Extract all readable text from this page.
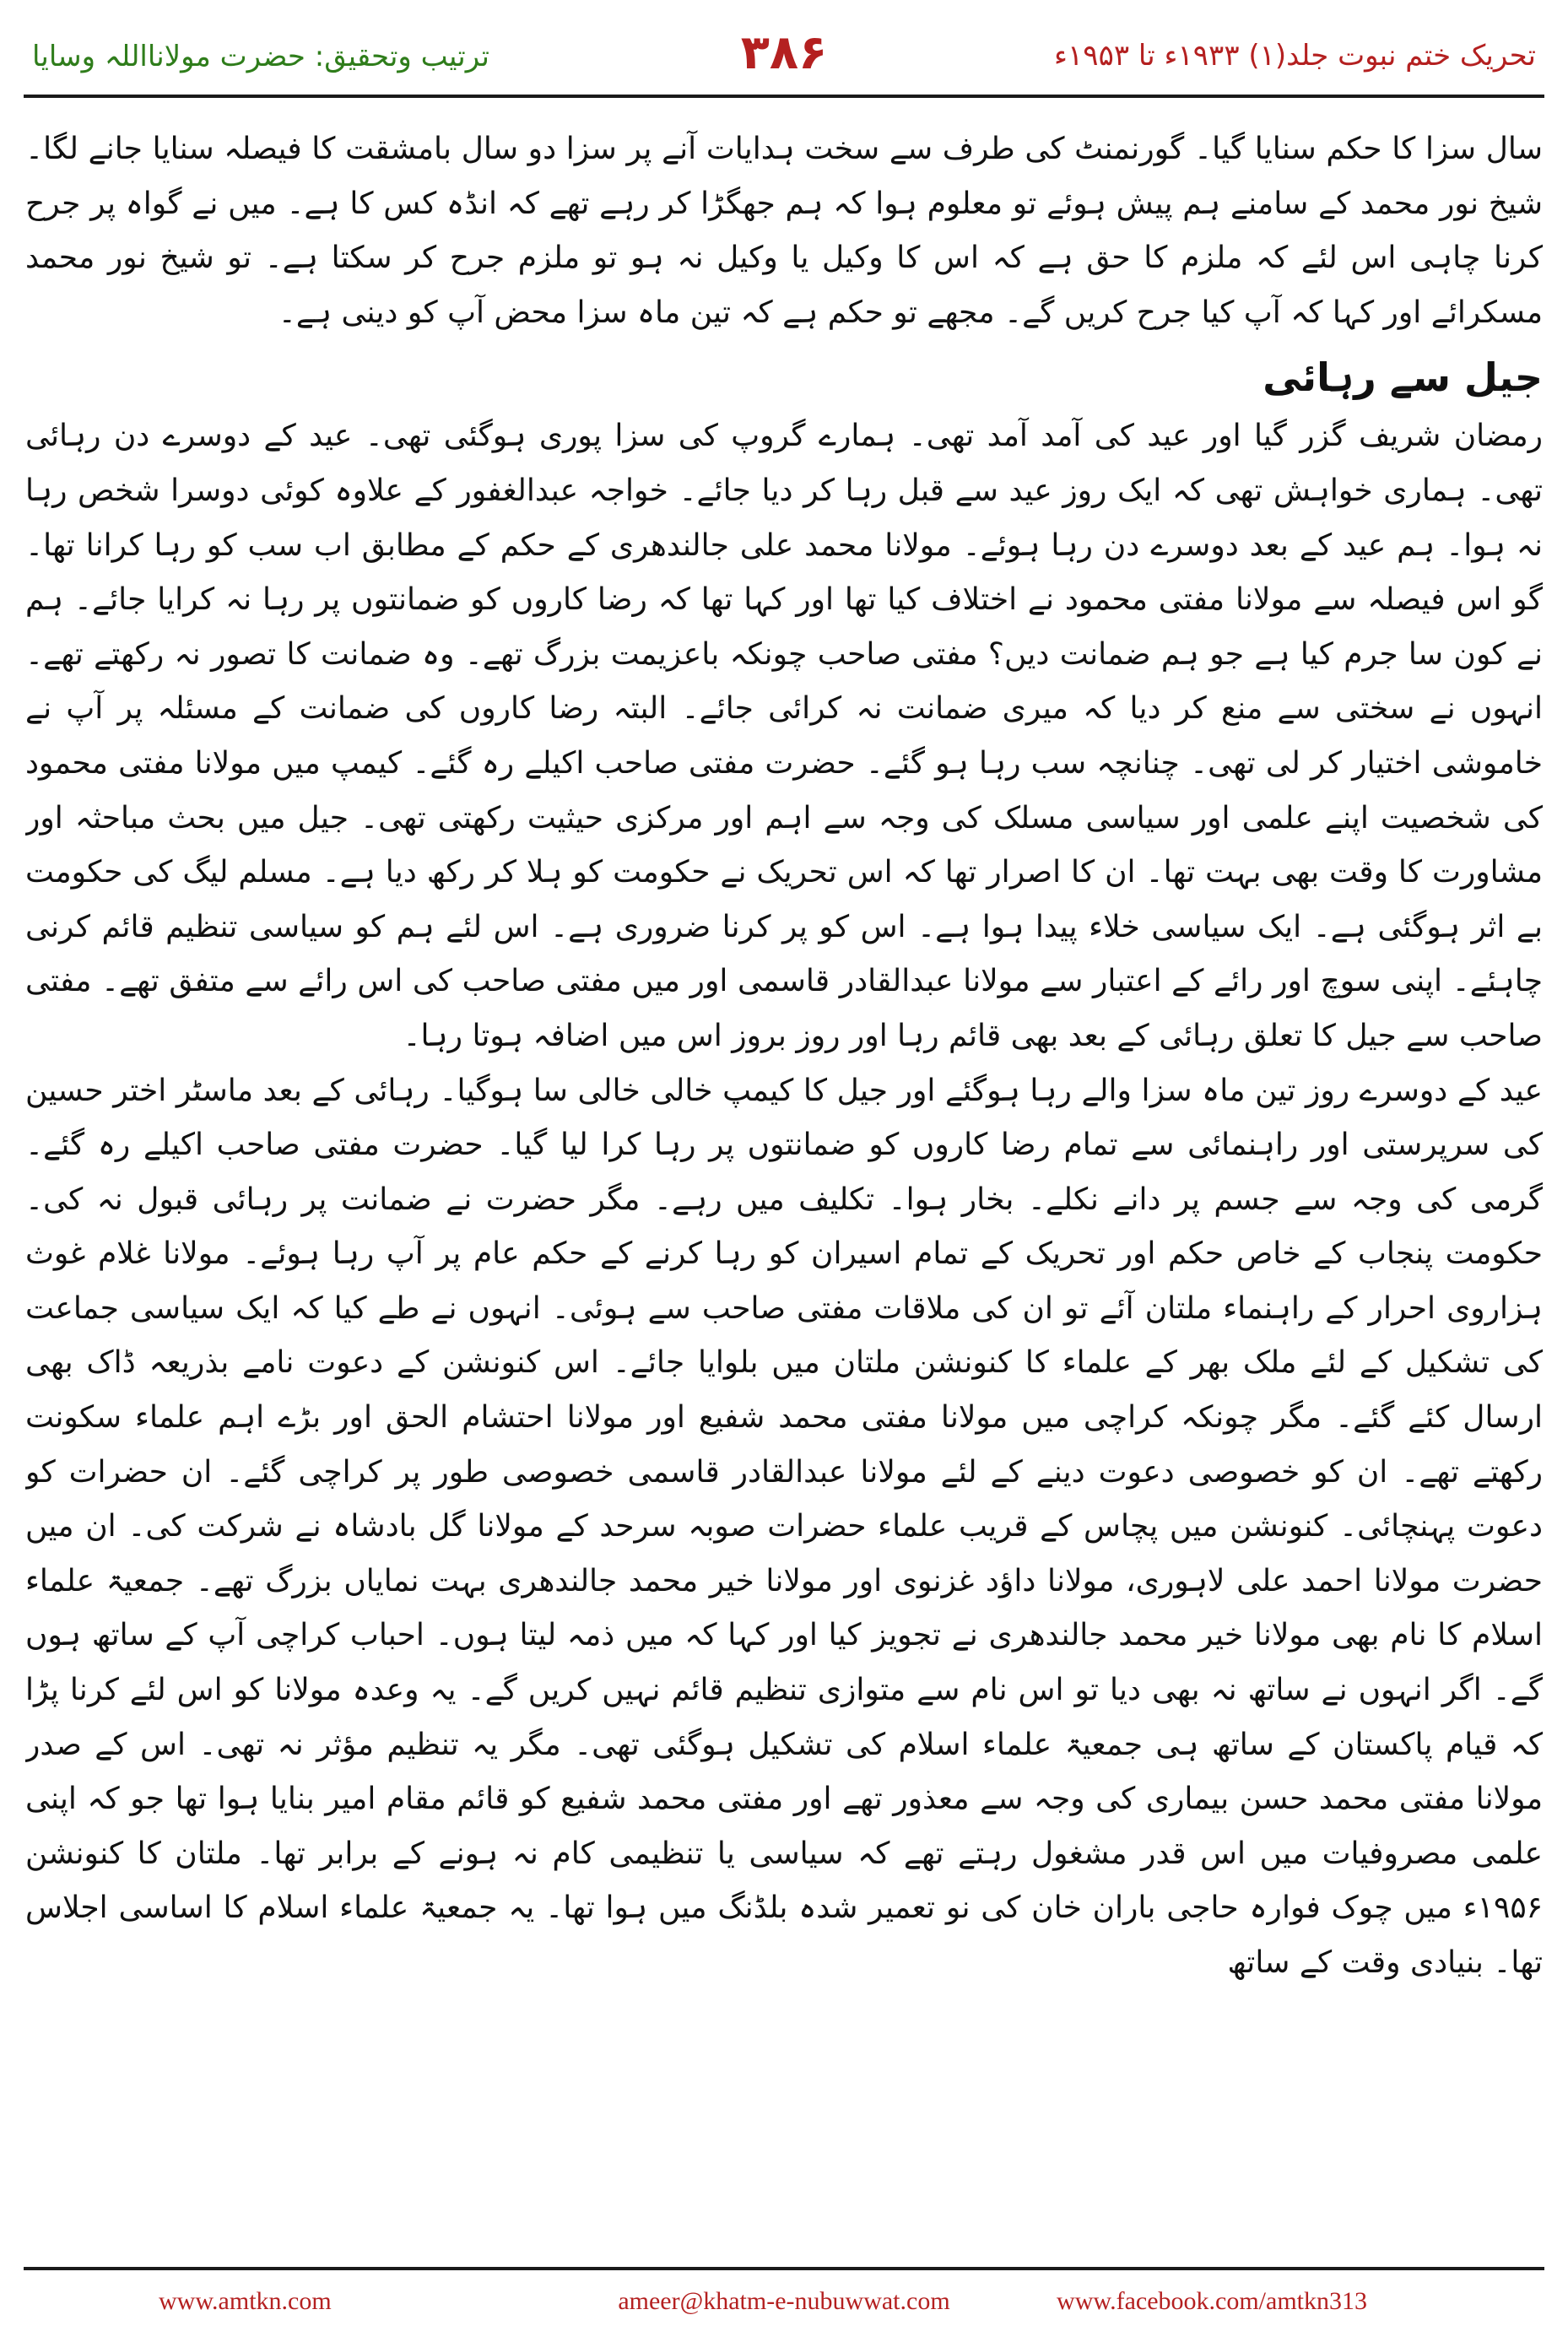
ترتیب وتحقیق: حضرت مولانااللہ وسایا	۳۸۶	تحریک ختم نبوت جلد(۱) ۱۹۳۳ء تا ۱۹۵۳ء

سال سزا کا حکم سنایا گیا۔ گورنمنٹ کی طرف سے سخت ہدایات آنے پر سزا دو سال بامشقت کا فیصلہ سنایا جانے لگا۔ شیخ نور محمد کے سامنے ہم پیش ہوئے تو معلوم ہوا کہ ہم جھگڑا کر رہے تھے کہ انڈہ کس کا ہے۔ میں نے گواہ پر جرح کرنا چاہی اس لئے کہ ملزم کا حق ہے کہ اس کا وکیل یا وکیل نہ ہو تو ملزم جرح کر سکتا ہے۔ تو شیخ نور محمد مسکرائے اور کہا کہ آپ کیا جرح کریں گے۔ مجھے تو حکم ہے کہ تین ماہ سزا محض آپ کو دینی ہے۔

جیل سے رہائی

رمضان شریف گزر گیا اور عید کی آمد آمد تھی۔ ہمارے گروپ کی سزا پوری ہوگئی تھی۔ عید کے دوسرے دن رہائی تھی۔ ہماری خواہش تھی کہ ایک روز عید سے قبل رہا کر دیا جائے۔ خواجہ عبدالغفور کے علاوہ کوئی دوسرا شخص رہا نہ ہوا۔ ہم عید کے بعد دوسرے دن رہا ہوئے۔ مولانا محمد علی جالندھری کے حکم کے مطابق اب سب کو رہا کرانا تھا۔ گو اس فیصلہ سے مولانا مفتی محمود نے اختلاف کیا تھا اور کہا تھا کہ رضا کاروں کو ضمانتوں پر رہا نہ کرایا جائے۔ ہم نے کون سا جرم کیا ہے جو ہم ضمانت دیں؟ مفتی صاحب چونکہ باعزیمت بزرگ تھے۔ وہ ضمانت کا تصور نہ رکھتے تھے۔ انہوں نے سختی سے منع کر دیا کہ میری ضمانت نہ کرائی جائے۔ البتہ رضا کاروں کی ضمانت کے مسئلہ پر آپ نے خاموشی اختیار کر لی تھی۔ چنانچہ سب رہا ہو گئے۔ حضرت مفتی صاحب اکیلے رہ گئے۔ کیمپ میں مولانا مفتی محمود کی شخصیت اپنے علمی اور سیاسی مسلک کی وجہ سے اہم اور مرکزی حیثیت رکھتی تھی۔ جیل میں بحث مباحثہ اور مشاورت کا وقت بھی بہت تھا۔ ان کا اصرار تھا کہ اس تحریک نے حکومت کو ہلا کر رکھ دیا ہے۔ مسلم لیگ کی حکومت بے اثر ہوگئی ہے۔ ایک سیاسی خلاء پیدا ہوا ہے۔ اس کو پر کرنا ضروری ہے۔ اس لئے ہم کو سیاسی تنظیم قائم کرنی چاہئے۔ اپنی سوچ اور رائے کے اعتبار سے مولانا عبدالقادر قاسمی اور میں مفتی صاحب کی اس رائے سے متفق تھے۔ مفتی صاحب سے جیل کا تعلق رہائی کے بعد بھی قائم رہا اور روز بروز اس میں اضافہ ہوتا رہا۔

عید کے دوسرے روز تین ماہ سزا والے رہا ہوگئے اور جیل کا کیمپ خالی خالی سا ہوگیا۔ رہائی کے بعد ماسٹر اختر حسین کی سرپرستی اور راہنمائی سے تمام رضا کاروں کو ضمانتوں پر رہا کرا لیا گیا۔ حضرت مفتی صاحب اکیلے رہ گئے۔ گرمی کی وجہ سے جسم پر دانے نکلے۔ بخار ہوا۔ تکلیف میں رہے۔ مگر حضرت نے ضمانت پر رہائی قبول نہ کی۔ حکومت پنجاب کے خاص حکم اور تحریک کے تمام اسیران کو رہا کرنے کے حکم عام پر آپ رہا ہوئے۔ مولانا غلام غوث ہزاروی احرار کے راہنماء ملتان آئے تو ان کی ملاقات مفتی صاحب سے ہوئی۔ انہوں نے طے کیا کہ ایک سیاسی جماعت کی تشکیل کے لئے ملک بھر کے علماء کا کنونشن ملتان میں بلوایا جائے۔ اس کنونشن کے دعوت نامے بذریعہ ڈاک بھی ارسال کئے گئے۔ مگر چونکہ کراچی میں مولانا مفتی محمد شفیع اور مولانا احتشام الحق اور بڑے اہم علماء سکونت رکھتے تھے۔ ان کو خصوصی دعوت دینے کے لئے مولانا عبدالقادر قاسمی خصوصی طور پر کراچی گئے۔ ان حضرات کو دعوت پہنچائی۔ کنونشن میں پچاس کے قریب علماء حضرات صوبہ سرحد کے مولانا گل بادشاہ نے شرکت کی۔ ان میں حضرت مولانا احمد علی لاہوری، مولانا داؤد غزنوی اور مولانا خیر محمد جالندھری بہت نمایاں بزرگ تھے۔ جمعیۃ علماء اسلام کا نام بھی مولانا خیر محمد جالندھری نے تجویز کیا اور کہا کہ میں ذمہ لیتا ہوں۔ احباب کراچی آپ کے ساتھ ہوں گے۔ اگر انہوں نے ساتھ نہ بھی دیا تو اس نام سے متوازی تنظیم قائم نہیں کریں گے۔ یہ وعدہ مولانا کو اس لئے کرنا پڑا کہ قیام پاکستان کے ساتھ ہی جمعیۃ علماء اسلام کی تشکیل ہوگئی تھی۔ مگر یہ تنظیم مؤثر نہ تھی۔ اس کے صدر مولانا مفتی محمد حسن بیماری کی وجہ سے معذور تھے اور مفتی محمد شفیع کو قائم مقام امیر بنایا ہوا تھا جو کہ اپنی علمی مصروفیات میں اس قدر مشغول رہتے تھے کہ سیاسی یا تنظیمی کام نہ ہونے کے برابر تھا۔ ملتان کا کنونشن ۱۹۵۶ء میں چوک فوارہ حاجی باران خان کی نو تعمیر شدہ بلڈنگ میں ہوا تھا۔ یہ جمعیۃ علماء اسلام کا اساسی اجلاس تھا۔ بنیادی وقت کے ساتھ

www.amtkn.com	ameer@khatm-e-nubuwwat.com	www.facebook.com/amtkn313
